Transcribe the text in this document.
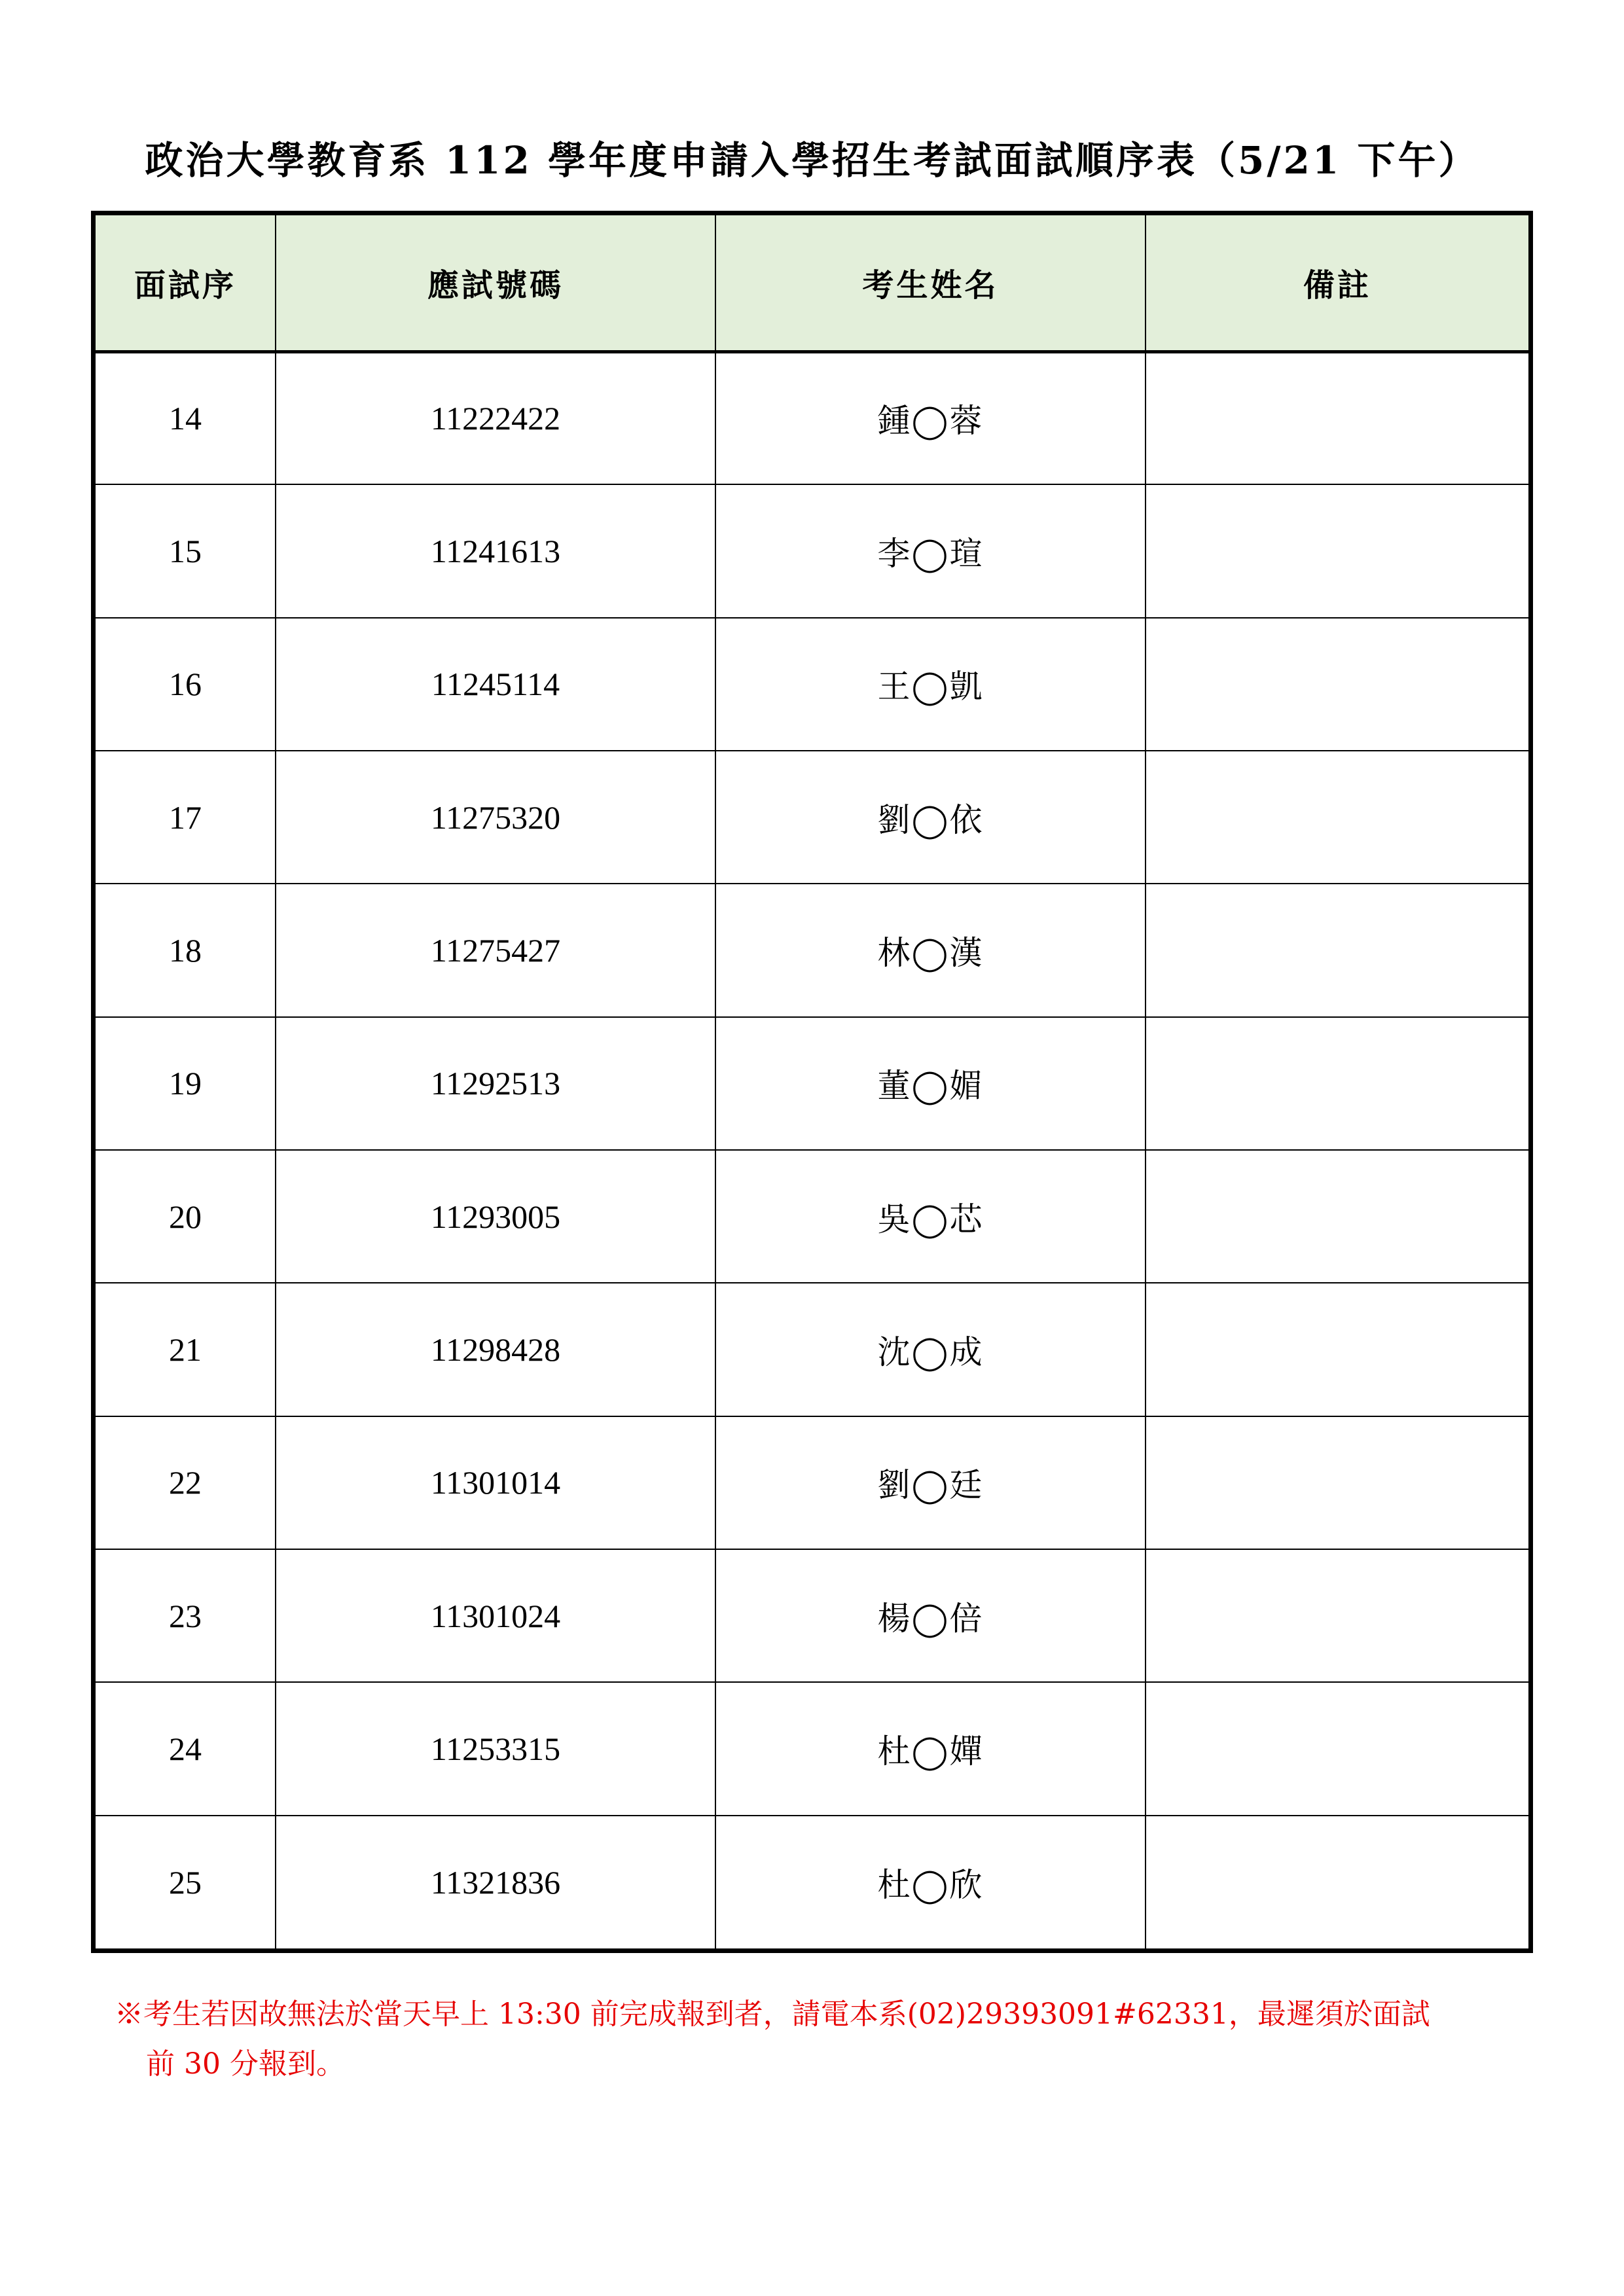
政治大學教育系 112 學年度申請入學招生考試面試順序表（5/21 下午）
面試序	應試號碼	考生姓名	備註
14	11222422	鍾◯蓉	
15	11241613	李◯瑄	
16	11245114	王◯凱	
17	11275320	劉◯依	
18	11275427	林◯漢	
19	11292513	董◯媚	
20	11293005	吳◯芯	
21	11298428	沈◯成	
22	11301014	劉◯廷	
23	11301024	楊◯倍	
24	11253315	杜◯嬋	
25	11321836	杜◯欣	
※考生若因故無法於當天早上 13:30 前完成報到者，請電本系(02)29393091#62331，最遲須於面試
前 30 分報到。
